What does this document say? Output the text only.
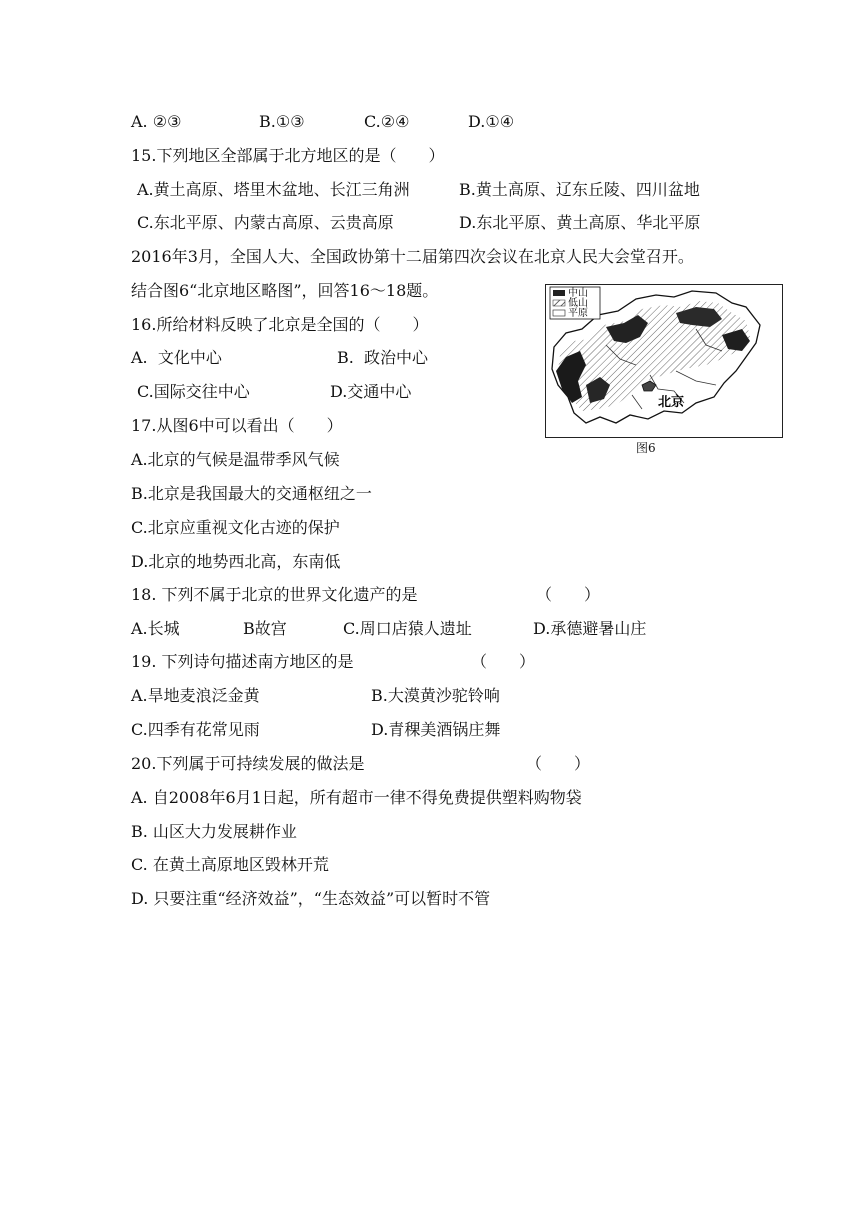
A. ②③	B.①③	C.②④	D.①④
15.下列地区全部属于北方地区的是（　　）
A.黄土高原、塔里木盆地、长江三角洲	B.黄土高原、辽东丘陵、四川盆地
C.东北平原、内蒙古高原、云贵高原	D.东北平原、黄土高原、华北平原
2016年3月，全国人大、全国政协第十二届第四次会议在北京人民大会堂召开。
结合图6“北京地区略图”，回答16～18题。
北京
中山
低山
平原
图6
16.所给材料反映了北京是全国的（　　）
A.  文化中心	B.  政治中心
C.国际交往中心	D.交通中心
17.从图6中可以看出（　　）
A.北京的气候是温带季风气候
B.北京是我国最大的交通枢纽之一
C.北京应重视文化古迹的保护
D.北京的地势西北高，东南低
18. 下列不属于北京的世界文化遗产的是	（　　）
A.长城	B故宫	C.周口店猿人遗址	D.承德避暑山庄
19. 下列诗句描述南方地区的是	（　　）
A.旱地麦浪泛金黄	B.大漠黄沙驼铃响
C.四季有花常见雨	D.青稞美酒锅庄舞
20.下列属于可持续发展的做法是	（　　）
A. 自2008年6月1日起，所有超市一律不得免费提供塑料购物袋
B. 山区大力发展耕作业
C. 在黄土高原地区毁林开荒
D. 只要注重“经济效益”，“生态效益”可以暂时不管
